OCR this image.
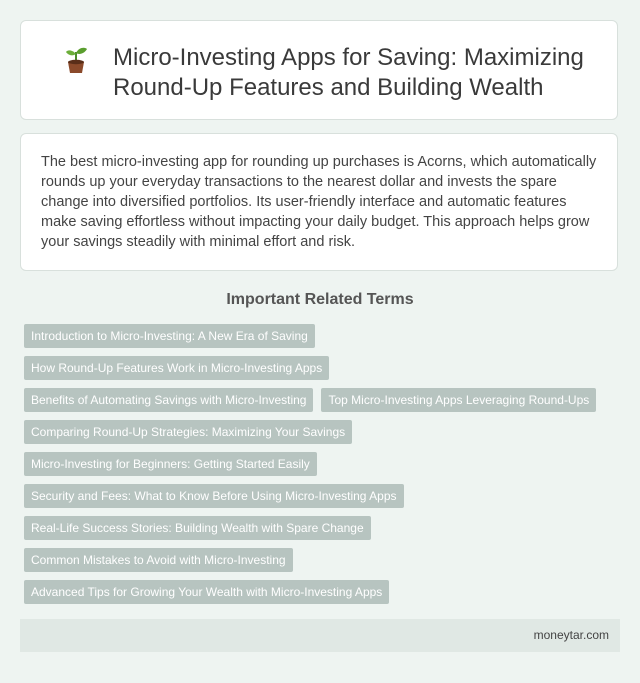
Micro-Investing Apps for Saving: Maximizing Round-Up Features and Building Wealth

The best micro-investing app for rounding up purchases is Acorns, which automatically rounds up your everyday transactions to the nearest dollar and invests the spare change into diversified portfolios. Its user-friendly interface and automatic features make saving effortless without impacting your daily budget. This approach helps grow your savings steadily with minimal effort and risk.

Important Related Terms
Introduction to Micro-Investing: A New Era of Saving
How Round-Up Features Work in Micro-Investing Apps
Benefits of Automating Savings with Micro-Investing	Top Micro-Investing Apps Leveraging Round-Ups
Comparing Round-Up Strategies: Maximizing Your Savings
Micro-Investing for Beginners: Getting Started Easily
Security and Fees: What to Know Before Using Micro-Investing Apps
Real-Life Success Stories: Building Wealth with Spare Change
Common Mistakes to Avoid with Micro-Investing
Advanced Tips for Growing Your Wealth with Micro-Investing Apps
moneytar.com
